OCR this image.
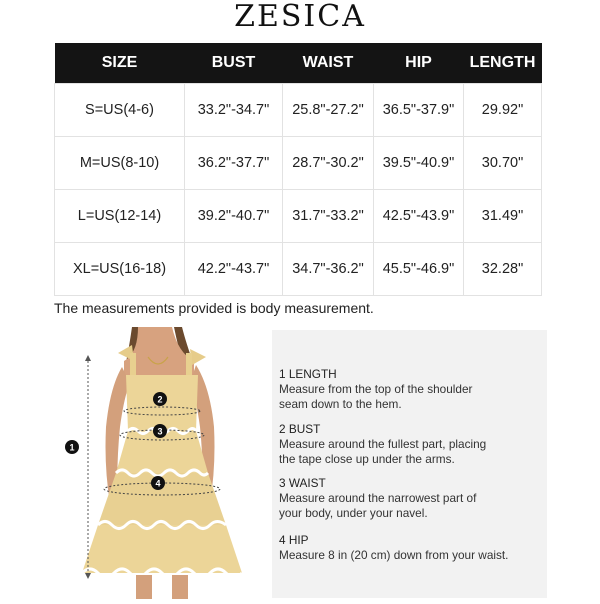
ZESICA
SIZE	BUST	WAIST	HIP	LENGTH
S=US(4-6)	33.2"-34.7"	25.8"-27.2"	36.5"-37.9"	29.92"
M=US(8-10)	36.2"-37.7"	28.7"-30.2"	39.5"-40.9"	30.70"
L=US(12-14)	39.2"-40.7"	31.7"-33.2"	42.5"-43.9"	31.49"
XL=US(16-18)	42.2"-43.7"	34.7"-36.2"	45.5"-46.9"	32.28"
The measurements provided is body measurement.
1
2
3
4
1 LENGTH
Measure from the top of the shoulder
seam down to the hem.
2 BUST
Measure around the fullest part, placing
the tape close up under the arms.
3 WAIST
Measure around the narrowest part of
your body, under your navel.
4 HIP
Measure 8 in (20 cm) down from your waist.
